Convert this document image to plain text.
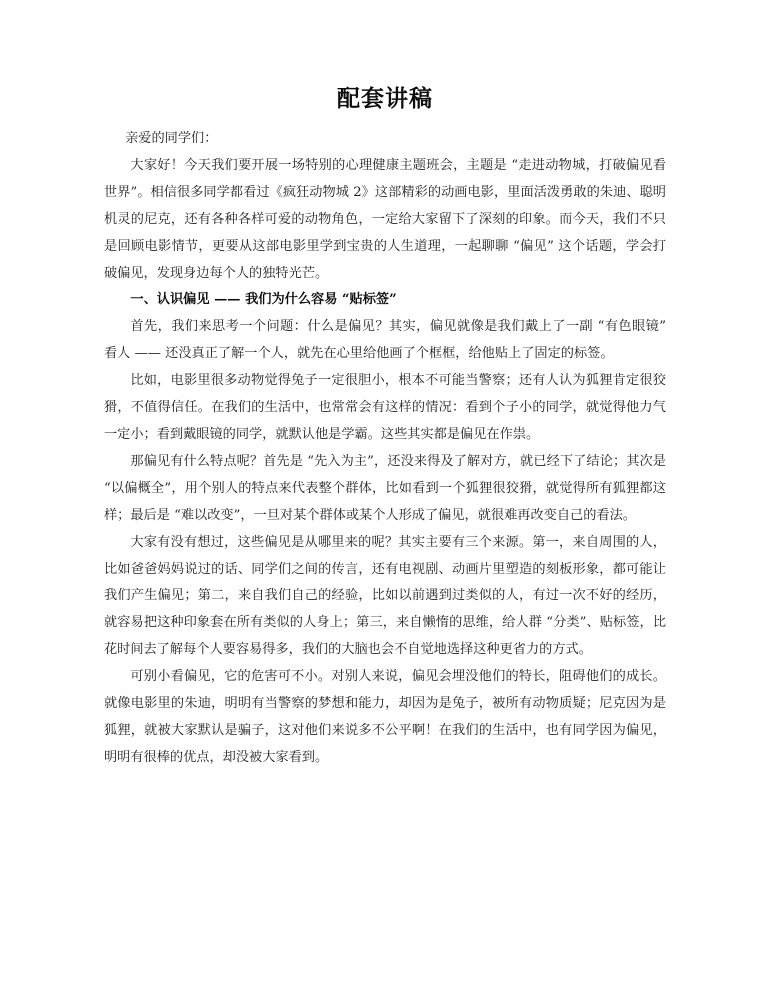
配套讲稿

亲爱的同学们：

大家好！今天我们要开展一场特别的心理健康主题班会，主题是 “走进动物城，打破偏见看世界”。相信很多同学都看过《疯狂动物城 2》这部精彩的动画电影，里面活泼勇敢的朱迪、聪明机灵的尼克，还有各种各样可爱的动物角色，一定给大家留下了深刻的印象。而今天，我们不只是回顾电影情节，更要从这部电影里学到宝贵的人生道理，一起聊聊 “偏见” 这个话题，学会打破偏见，发现身边每个人的独特光芒。

一、认识偏见 —— 我们为什么容易 “贴标签”

首先，我们来思考一个问题：什么是偏见？其实，偏见就像是我们戴上了一副 “有色眼镜” 看人 —— 还没真正了解一个人，就先在心里给他画了个框框，给他贴上了固定的标签。

比如，电影里很多动物觉得兔子一定很胆小，根本不可能当警察；还有人认为狐狸肯定很狡猾，不值得信任。在我们的生活中，也常常会有这样的情况：看到个子小的同学，就觉得他力气一定小；看到戴眼镜的同学，就默认他是学霸。这些其实都是偏见在作祟。

那偏见有什么特点呢？首先是 “先入为主”，还没来得及了解对方，就已经下了结论；其次是 “以偏概全”，用个别人的特点来代表整个群体，比如看到一个狐狸很狡猾，就觉得所有狐狸都这样；最后是 “难以改变”，一旦对某个群体或某个人形成了偏见，就很难再改变自己的看法。

大家有没有想过，这些偏见是从哪里来的呢？其实主要有三个来源。第一，来自周围的人，比如爸爸妈妈说过的话、同学们之间的传言，还有电视剧、动画片里塑造的刻板形象，都可能让我们产生偏见；第二，来自我们自己的经验，比如以前遇到过类似的人，有过一次不好的经历，就容易把这种印象套在所有类似的人身上；第三，来自懒惰的思维，给人群 “分类”、贴标签，比花时间去了解每个人要容易得多，我们的大脑也会不自觉地选择这种更省力的方式。

可别小看偏见，它的危害可不小。对别人来说，偏见会埋没他们的特长，阻碍他们的成长。就像电影里的朱迪，明明有当警察的梦想和能力，却因为是兔子，被所有动物质疑；尼克因为是狐狸，就被大家默认是骗子，这对他们来说多不公平啊！在我们的生活中，也有同学因为偏见，明明有很棒的优点，却没被大家看到。
